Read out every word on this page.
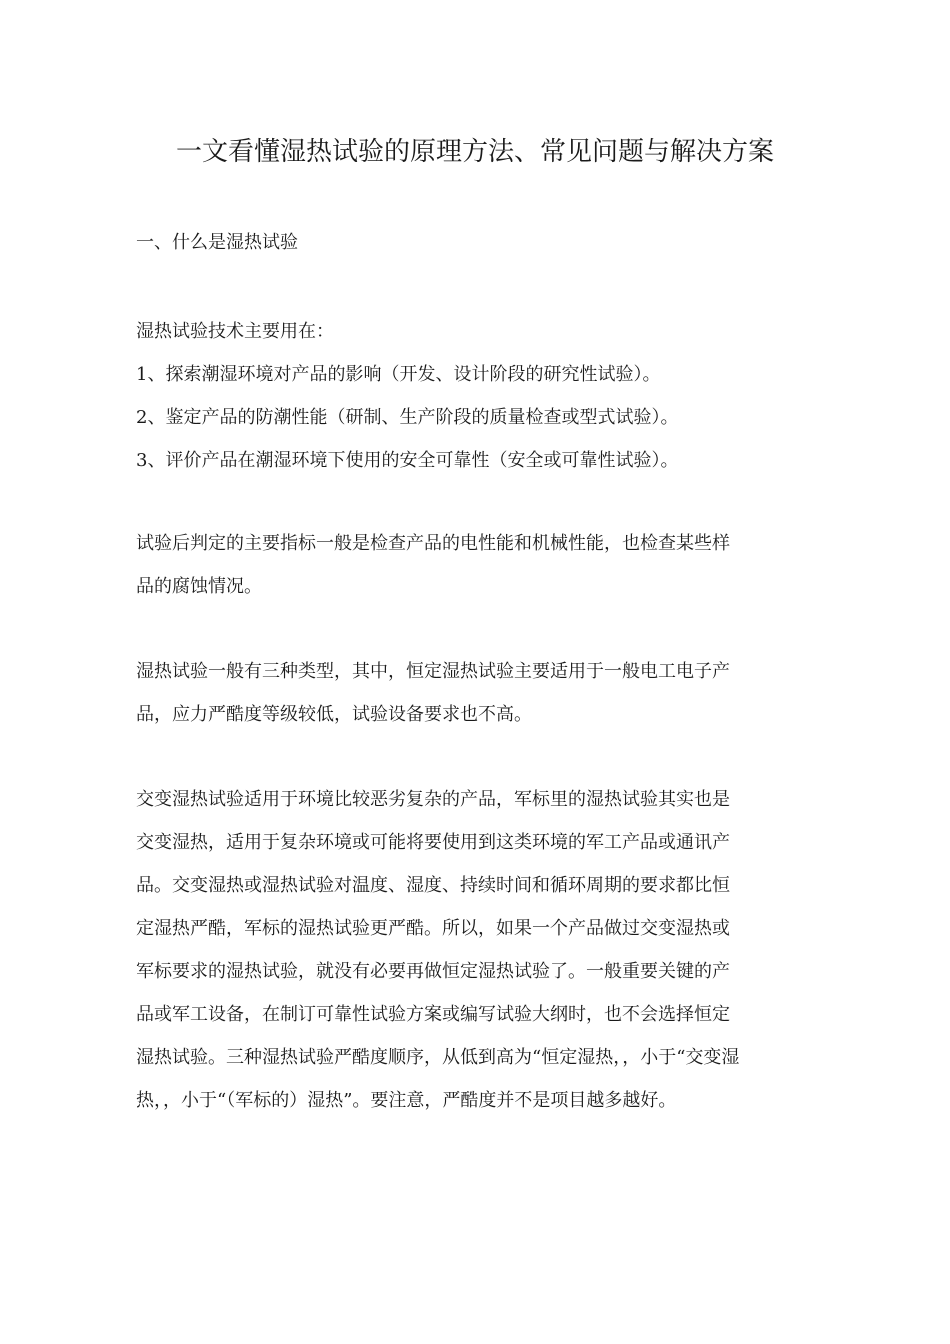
一文看懂湿热试验的原理方法、常见问题与解决方案
一、什么是湿热试验
湿热试验技术主要用在：
1、探索潮湿环境对产品的影响（开发、设计阶段的研究性试验）。
2、鉴定产品的防潮性能（研制、生产阶段的质量检查或型式试验）。
3、评价产品在潮湿环境下使用的安全可靠性（安全或可靠性试验）。
试验后判定的主要指标一般是检查产品的电性能和机械性能，也检查某些样
品的腐蚀情况。
湿热试验一般有三种类型，其中，恒定湿热试验主要适用于一般电工电子产
品，应力严酷度等级较低，试验设备要求也不高。
交变湿热试验适用于环境比较恶劣复杂的产品，军标里的湿热试验其实也是
交变湿热，适用于复杂环境或可能将要使用到这类环境的军工产品或通讯产
品。交变湿热或湿热试验对温度、湿度、持续时间和循环周期的要求都比恒
定湿热严酷，军标的湿热试验更严酷。所以，如果一个产品做过交变湿热或
军标要求的湿热试验，就没有必要再做恒定湿热试验了。一般重要关键的产
品或军工设备，在制订可靠性试验方案或编写试验大纲时，也不会选择恒定
湿热试验。三种湿热试验严酷度顺序，从低到高为“恒定湿热，，小于“交变湿
热，，小于“（军标的）湿热”。要注意，严酷度并不是项目越多越好。
